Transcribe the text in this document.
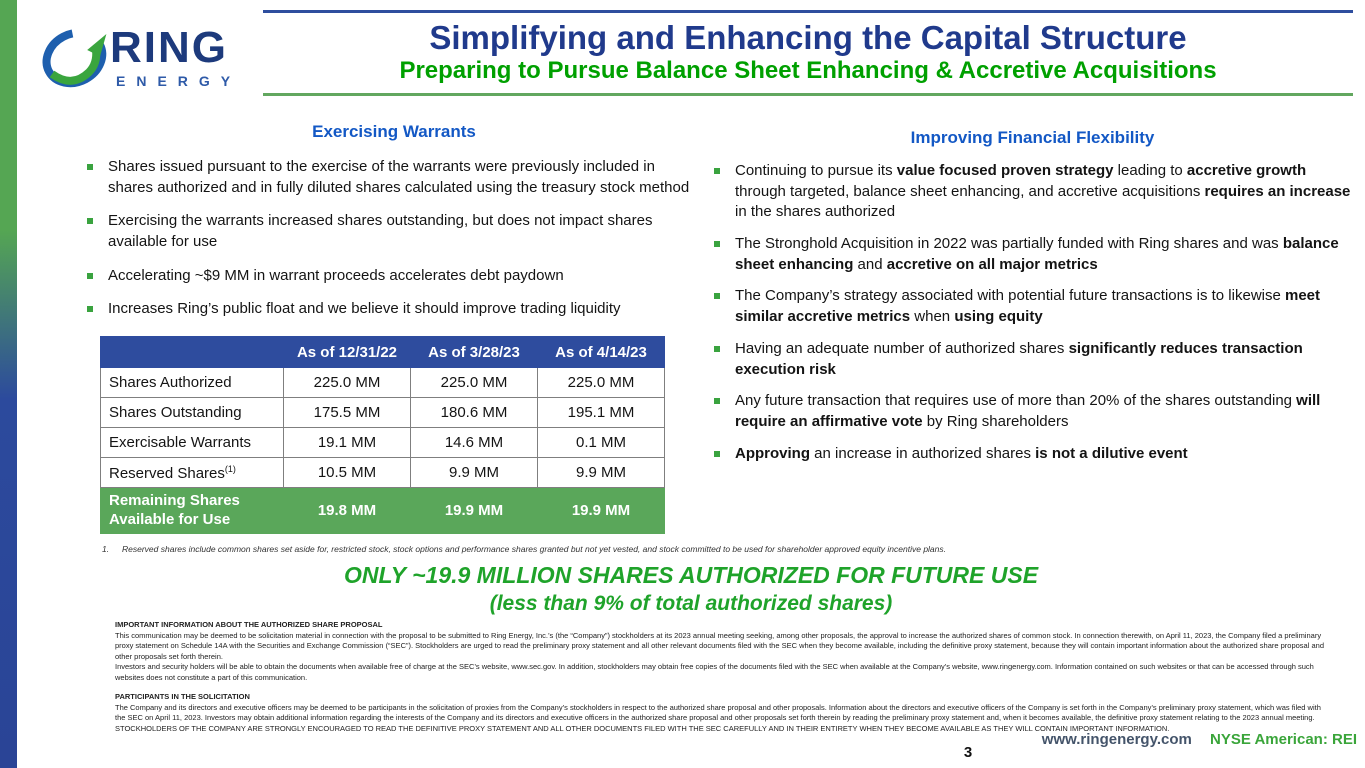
RING
ENERGY
Simplifying and Enhancing the Capital Structure
Preparing to Pursue Balance Sheet Enhancing & Accretive Acquisitions
Exercising Warrants
Shares issued pursuant to the exercise of the warrants were previously included in shares authorized and in fully diluted shares calculated using the treasury stock method
Exercising the warrants increased shares outstanding, but does not impact shares available for use
Accelerating ~$9 MM in warrant proceeds accelerates debt paydown
Increases Ring’s public float and we believe it should improve trading liquidity
	As of 12/31/22	As of 3/28/23	As of 4/14/23
Shares Authorized	225.0 MM	225.0 MM	225.0 MM
Shares Outstanding	175.5 MM	180.6 MM	195.1 MM
Exercisable Warrants	19.1 MM	14.6 MM	0.1 MM
Reserved Shares$^{(1)}$	10.5 MM	9.9 MM	9.9 MM
Remaining Shares Available for Use	19.8 MM	19.9 MM	19.9 MM
Improving Financial Flexibility
Continuing to pursue its value focused proven strategy leading to accretive growth through targeted, balance sheet enhancing, and accretive acquisitions requires an increase in the shares authorized
The Stronghold Acquisition in 2022 was partially funded with Ring shares and was balance sheet enhancing and accretive on all major metrics
The Company’s strategy associated with potential future transactions is to likewise meet similar accretive metrics when using equity
Having an adequate number of authorized shares significantly reduces transaction execution risk
Any future transaction that requires use of more than 20% of the shares outstanding will require an affirmative vote by Ring shareholders
Approving an increase in authorized shares is not a dilutive event
1.	Reserved shares include common shares set aside for, restricted stock, stock options and performance shares granted but not yet vested, and stock committed to be used for shareholder approved equity incentive plans.
ONLY ~19.9 MILLION SHARES AUTHORIZED FOR FUTURE USE
(less than 9% of total authorized shares)
IMPORTANT INFORMATION ABOUT THE AUTHORIZED SHARE PROPOSAL
This communication may be deemed to be solicitation material in connection with the proposal to be submitted to Ring Energy, Inc.’s (the “Company”) stockholders at its 2023 annual meeting seeking, among other proposals, the approval to increase the authorized shares of common stock. In connection therewith, on April 11, 2023, the Company filed a preliminary proxy statement on Schedule 14A with the Securities and Exchange Commission (“SEC”). Stockholders are urged to read the preliminary proxy statement and all other relevant documents filed with the SEC when they become available, including the definitive proxy statement, because they will contain important information about the authorized share proposal and other proposals set forth therein.
Investors and security holders will be able to obtain the documents when available free of charge at the SEC’s website, www.sec.gov. In addition, stockholders may obtain free copies of the documents filed with the SEC when available at the Company’s website, www.ringenergy.com. Information contained on such websites or that can be accessed through such websites does not constitute a part of this communication.
PARTICIPANTS IN THE SOLICITATION
The Company and its directors and executive officers may be deemed to be participants in the solicitation of proxies from the Company’s stockholders in respect to the authorized share proposal and other proposals. Information about the directors and executive officers of the Company is set forth in the Company’s preliminary proxy statement, which was filed with the SEC on April 11, 2023. Investors may obtain additional information regarding the interests of the Company and its directors and executive officers in the authorized share proposal and other proposals set forth therein by reading the preliminary proxy statement and, when it becomes available, the definitive proxy statement relating to the 2023 annual meeting. STOCKHOLDERS OF THE COMPANY ARE STRONGLY ENCOURAGED TO READ THE DEFINITIVE PROXY STATEMENT AND ALL OTHER DOCUMENTS FILED WITH THE SEC CAREFULLY AND IN THEIR ENTIRETY WHEN THEY BECOME AVAILABLE AS THEY WILL CONTAIN IMPORTANT INFORMATION.
www.ringenergy.com NYSE American: REI
3
